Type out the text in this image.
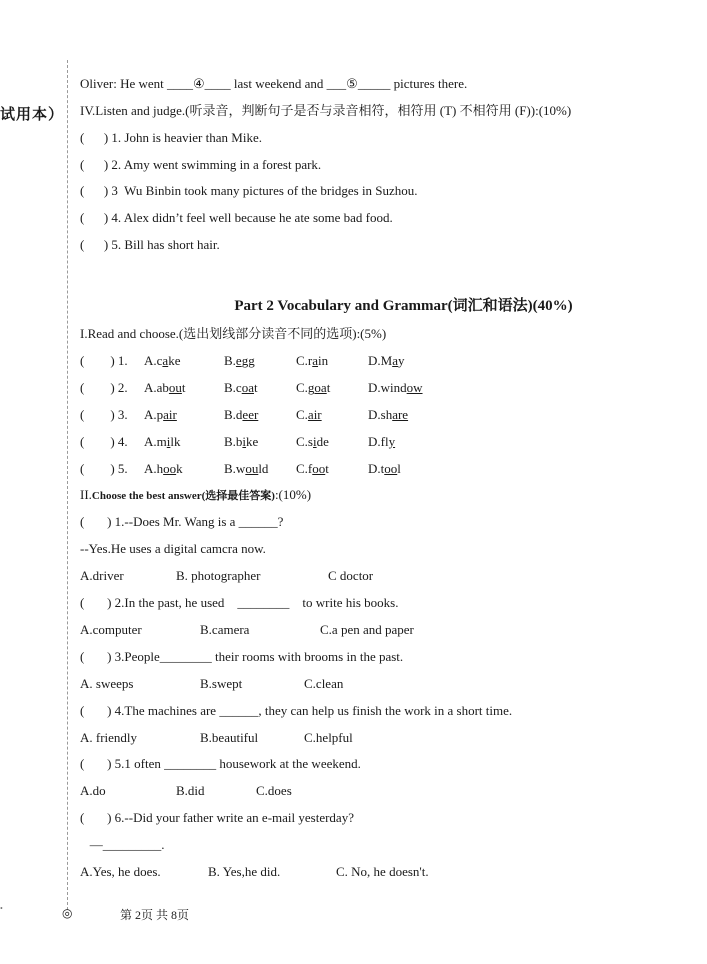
试用本）
•
Oliver: He went ____④____ last weekend and ___⑤_____ pictures there.
IV.Listen and judge.(听录音，判断句子是否与录音相符，相符用 (T) 不相符用 (F)):(10%)
(      ) 1. John is heavier than Mike.
(      ) 2. Amy went swimming in a forest park.
(      ) 3  Wu Binbin took many pictures of the bridges in Suzhou.
(      ) 4. Alex didn’t feel well because he ate some bad food.
(      ) 5. Bill has short hair.
Part 2 Vocabulary and Grammar(词汇和语法)(40%)
I.Read and choose.(选出划线部分读音不同的选项):(5%)
(        ) 1. A.cake	B.egg	C.rain	D.May
(        ) 2. A.about	B.coat	C.goat	D.window
(        ) 3. A.pair	B.deer	C.air	D.share
(        ) 4. A.milk	B.bike	C.side	D.fly
(        ) 5. A.hook	B.would C.foot	D.tool
II.Choose the best answer(选择最佳答案):(10%)
(       ) 1.--Does Mr. Wang is a ______?
--Yes.He uses a digital camcra now.
A.driver	B. photographer	C doctor
(       ) 2.In the past, he used    ________    to write his books.
A.computer	B.camera	C.a pen and paper
(       ) 3.People________ their rooms with brooms in the past.
A. sweeps	B.swept	C.clean
(       ) 4.The machines are ______, they can help us finish the work in a short time.
A. friendly	B.beautiful	C.helpful
(       ) 5.1 often ________ housework at the weekend.
A.do	B.did	C.does
(       ) 6.--Did your father write an e-mail yesterday?
—_________.
A.Yes, he does.	B. Yes,he did.	C. No, he doesn't.
◎	第 2页 共 8页
